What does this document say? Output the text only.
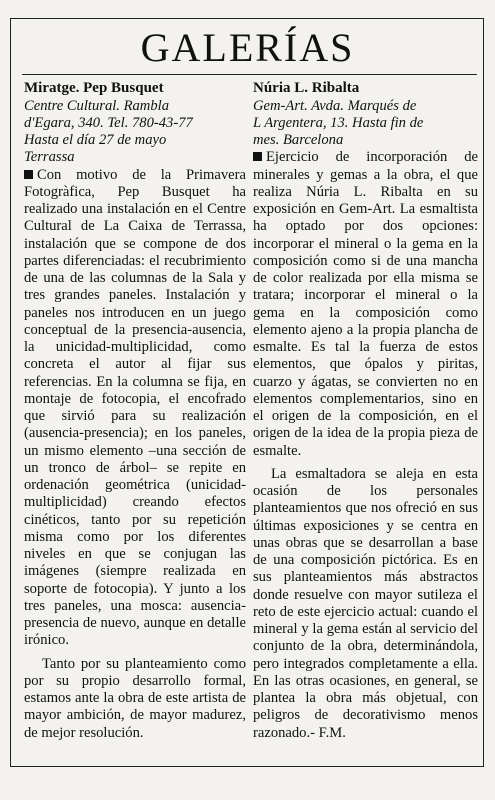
GALERÍAS

Miratge. Pep Busquet

Centre Cultural. Rambla
d'Egara, 340. Tel. 780-43-77
Hasta el día 27 de mayo
Terrassa

Con motivo de la Primavera Fotogràfica, Pep Busquet ha realizado una instalación en el Centre Cultural de La Caixa de Terrassa, instalación que se compone de dos partes diferenciadas: el recubrimiento de una de las columnas de la Sala y tres grandes paneles. Instalación y paneles nos introducen en un juego conceptual de la presencia-ausencia, la unicidad-multiplicidad, como concreta el autor al fijar sus referencias. En la columna se fija, en montaje de fotocopia, el encofrado que sirvió para su realización (ausencia-presencia); en los paneles, un mismo elemento –una sección de un tronco de árbol– se repite en ordenación geométrica (unicidad-multiplicidad) creando efectos cinéticos, tanto por su repetición misma como por los diferentes niveles en que se conjugan las imágenes (siempre realizada en soporte de fotocopia). Y junto a los tres paneles, una mosca: ausencia-presencia de nuevo, aunque en detalle irónico.

Tanto por su planteamiento como por su propio desarrollo formal, estamos ante la obra de este artista de mayor ambición, de mayor madurez, de mejor resolución.

Núria L. Ribalta

Gem-Art. Avda. Marqués de
L Argentera, 13. Hasta fin de
mes. Barcelona

Ejercicio de incorporación de minerales y gemas a la obra, el que realiza Núria L. Ribalta en su exposición en Gem-Art. La esmaltista ha optado por dos opciones: incorporar el mineral o la gema en la composición como si de una mancha de color realizada por ella misma se tratara; incorporar el mineral o la gema en la composición como elemento ajeno a la propia plancha de esmalte. Es tal la fuerza de estos elementos, que ópalos y piritas, cuarzo y ágatas, se convierten no en elementos complementarios, sino en el origen de la composición, en el origen de la idea de la propia pieza de esmalte.

La esmaltadora se aleja en esta ocasión de los personales planteamientos que nos ofreció en sus últimas exposiciones y se centra en unas obras que se desarrollan a base de una composición pictórica. Es en sus planteamientos más abstractos donde resuelve con mayor sutileza el reto de este ejercicio actual: cuando el mineral y la gema están al servicio del conjunto de la obra, determinándola, pero integrados completamente a ella. En las otras ocasiones, en general, se plantea la obra más objetual, con peligros de decorativismo menos razonado.- F.M.
